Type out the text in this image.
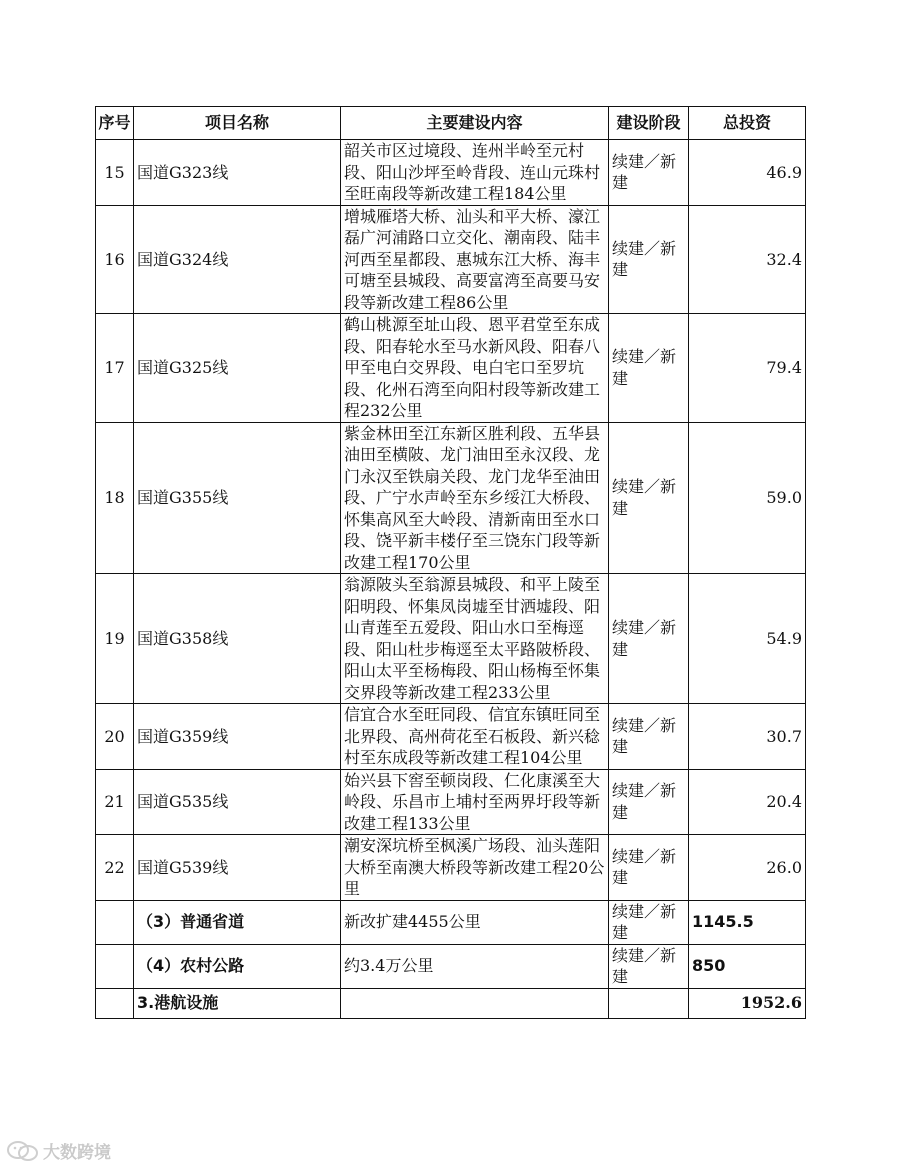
序号	项目名称	主要建设内容	建设阶段	总投资
15	国道G323线	韶关市区过境段、连州半岭至元村段、阳山沙坪至岭背段、连山元珠村至旺南段等新改建工程184公里	续建／新建	46.9
16	国道G324线	增城雁塔大桥、汕头和平大桥、濠江磊广河浦路口立交化、潮南段、陆丰河西至星都段、惠城东江大桥、海丰可塘至县城段、高要富湾至高要马安段等新改建工程86公里	续建／新建	32.4
17	国道G325线	鹤山桃源至址山段、恩平君堂至东成段、阳春轮水至马水新风段、阳春八甲至电白交界段、电白宅口至罗坑段、化州石湾至向阳村段等新改建工程232公里	续建／新建	79.4
18	国道G355线	紫金林田至江东新区胜利段、五华县油田至横陂、龙门油田至永汉段、龙门永汉至铁扇关段、龙门龙华至油田段、广宁水声岭至东乡绥江大桥段、怀集高风至大岭段、清新南田至水口段、饶平新丰楼仔至三饶东门段等新改建工程170公里	续建／新建	59.0
19	国道G358线	翁源陂头至翁源县城段、和平上陵至阳明段、怀集凤岗墟至甘洒墟段、阳山青莲至五爱段、阳山水口至梅逕段、阳山杜步梅逕至太平路陂桥段、阳山太平至杨梅段、阳山杨梅至怀集交界段等新改建工程233公里	续建／新建	54.9
20	国道G359线	信宜合水至旺同段、信宜东镇旺同至北界段、高州荷花至石板段、新兴稔村至东成段等新改建工程104公里	续建／新建	30.7
21	国道G535线	始兴县下窖至顿岗段、仁化康溪至大岭段、乐昌市上埔村至两界圩段等新改建工程133公里	续建／新建	20.4
22	国道G539线	潮安深坑桥至枫溪广场段、汕头莲阳大桥至南澳大桥段等新改建工程20公里	续建／新建	26.0
	（3）普通省道	新改扩建4455公里	续建／新建	1145.5
	（4）农村公路	约3.4万公里	续建／新建	850
	3.港航设施			1952.6
大数跨境
